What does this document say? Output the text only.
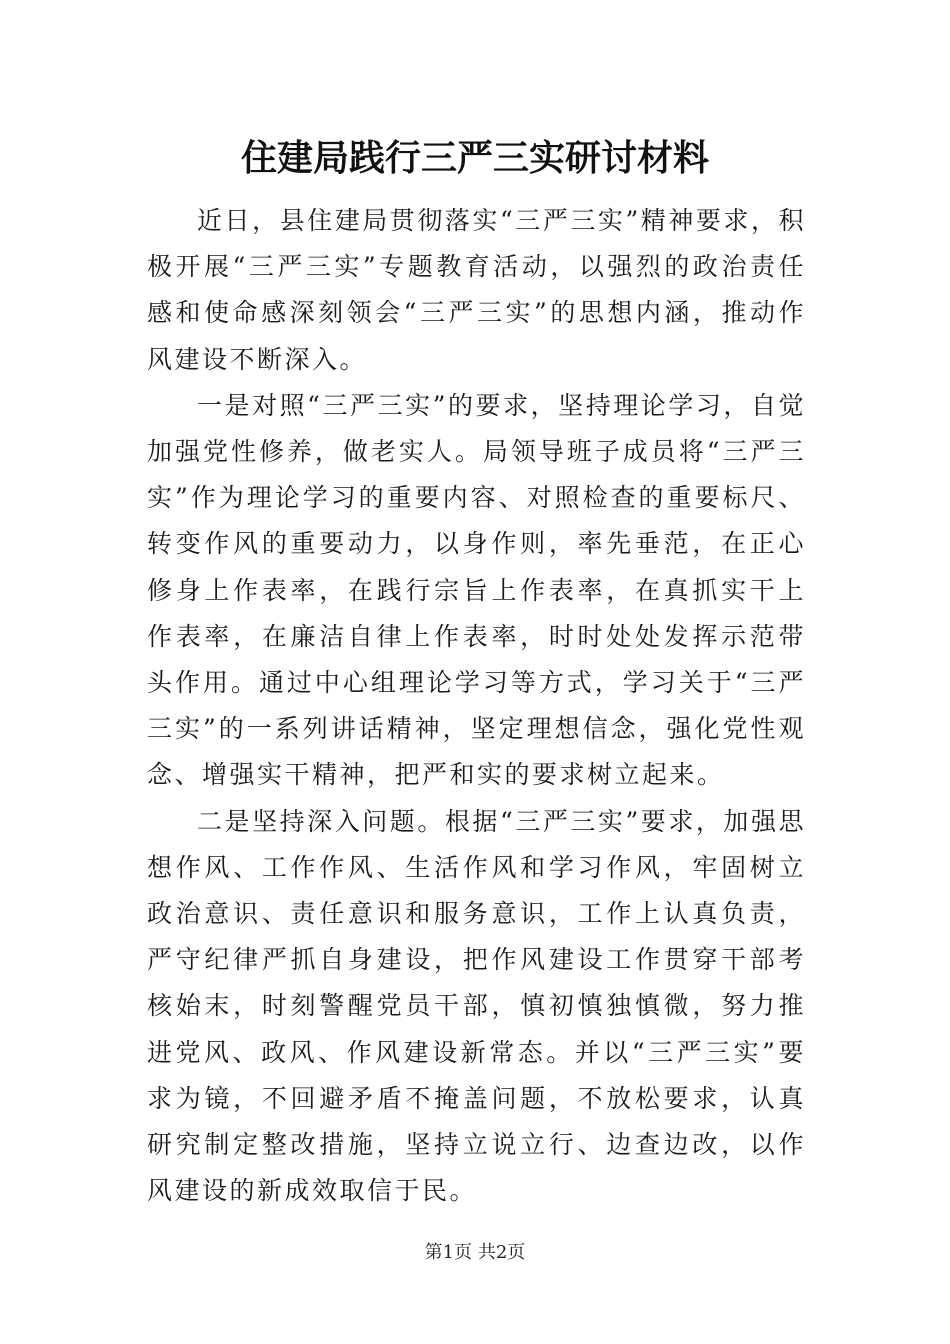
住建局践行三严三实研讨材料

近日，县住建局贯彻落实“三严三实”精神要求，积极开展“三严三实”专题教育活动，以强烈的政治责任感和使命感深刻领会“三严三实”的思想内涵，推动作风建设不断深入。

一是对照“三严三实”的要求，坚持理论学习，自觉加强党性修养，做老实人。局领导班子成员将“三严三实”作为理论学习的重要内容、对照检查的重要标尺、转变作风的重要动力，以身作则，率先垂范，在正心修身上作表率，在践行宗旨上作表率，在真抓实干上作表率，在廉洁自律上作表率，时时处处发挥示范带头作用。通过中心组理论学习等方式，学习关于“三严三实”的一系列讲话精神，坚定理想信念，强化党性观念、增强实干精神，把严和实的要求树立起来。

二是坚持深入问题。根据“三严三实”要求，加强思想作风、工作作风、生活作风和学习作风，牢固树立政治意识、责任意识和服务意识，工作上认真负责，严守纪律严抓自身建设，把作风建设工作贯穿干部考核始末，时刻警醒党员干部，慎初慎独慎微，努力推进党风、政风、作风建设新常态。并以“三严三实”要求为镜，不回避矛盾不掩盖问题，不放松要求，认真研究制定整改措施，坚持立说立行、边查边改，以作风建设的新成效取信于民。

第1页 共2页
